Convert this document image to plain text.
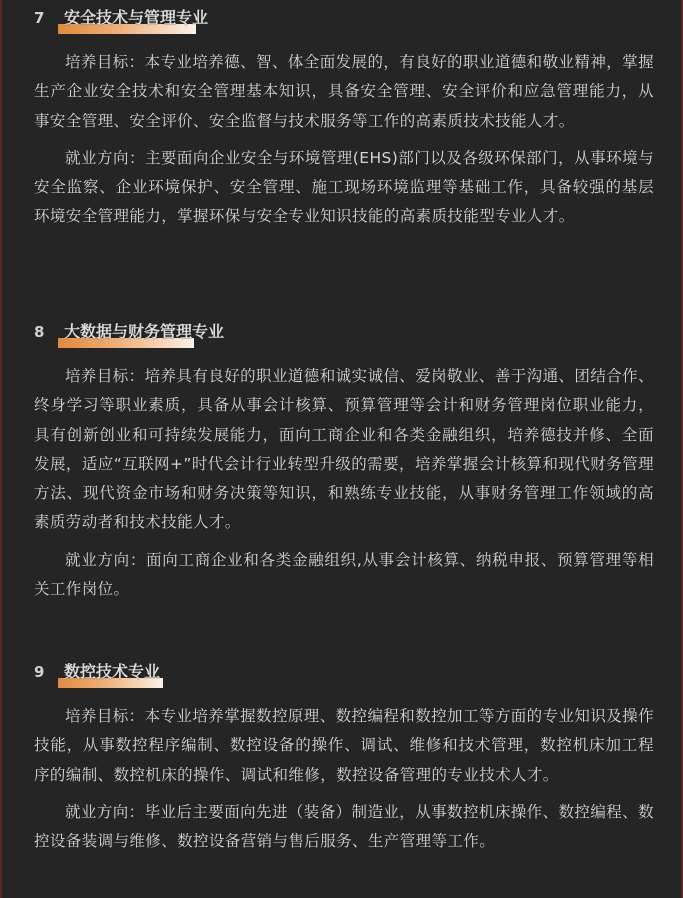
7	安全技术与管理专业

培养目标：本专业培养德、智、体全面发展的，有良好的职业道德和敬业精神，掌握生产企业安全技术和安全管理基本知识，具备安全管理、安全评价和应急管理能力，从事安全管理、安全评价、安全监督与技术服务等工作的高素质技术技能人才。

就业方向：主要面向企业安全与环境管理(EHS)部门以及各级环保部门，从事环境与安全监察、企业环境保护、安全管理、施工现场环境监理等基础工作，具备较强的基层环境安全管理能力，掌握环保与安全专业知识技能的高素质技能型专业人才。

8	大数据与财务管理专业

培养目标：培养具有良好的职业道德和诚实诚信、爱岗敬业、善于沟通、团结合作、终身学习等职业素质，具备从事会计核算、预算管理等会计和财务管理岗位职业能力，具有创新创业和可持续发展能力，面向工商企业和各类金融组织，培养德技并修、全面发展，适应“互联网+”时代会计行业转型升级的需要，培养掌握会计核算和现代财务管理方法、现代资金市场和财务决策等知识，和熟练专业技能，从事财务管理工作领域的高素质劳动者和技术技能人才。

就业方向：面向工商企业和各类金融组织,从事会计核算、纳税申报、预算管理等相关工作岗位。

9	数控技术专业

培养目标：本专业培养掌握数控原理、数控编程和数控加工等方面的专业知识及操作技能，从事数控程序编制、数控设备的操作、调试、维修和技术管理，数控机床加工程序的编制、数控机床的操作、调试和维修，数控设备管理的专业技术人才。

就业方向：毕业后主要面向先进（装备）制造业，从事数控机床操作、数控编程、数控设备装调与维修、数控设备营销与售后服务、生产管理等工作。
